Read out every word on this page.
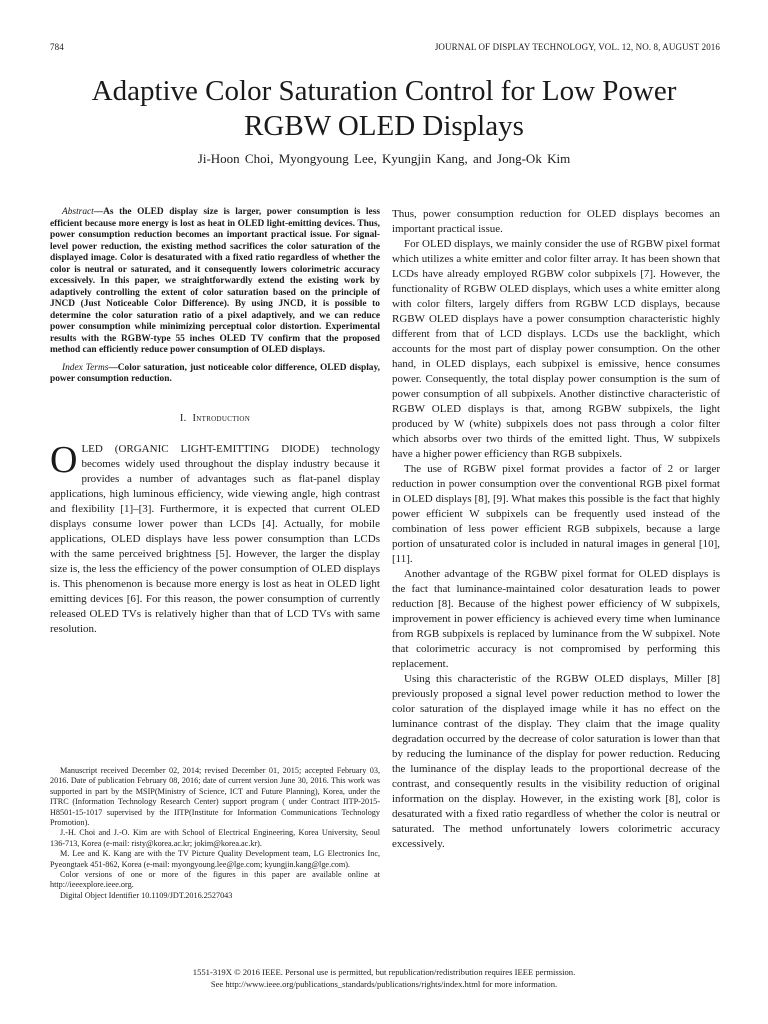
784	JOURNAL OF DISPLAY TECHNOLOGY, VOL. 12, NO. 8, AUGUST 2016
Adaptive Color Saturation Control for Low Power
RGBW OLED Displays
Ji-Hoon Choi, Myongyoung Lee, Kyungjin Kang, and Jong-Ok Kim

Abstract—As the OLED display size is larger, power consumption is less efficient because more energy is lost as heat in OLED light-emitting devices. Thus, power consumption reduction becomes an important practical issue. For signal-level power reduction, the existing method sacrifices the color saturation of the displayed image. Color is desaturated with a fixed ratio regardless of whether the color is neutral or saturated, and it consequently lowers colorimetric accuracy excessively. In this paper, we straightforwardly extend the existing work by adaptively controlling the extent of color saturation based on the principle of JNCD (Just Noticeable Color Difference). By using JNCD, it is possible to determine the color saturation ratio of a pixel adaptively, and we can reduce power consumption while minimizing perceptual color distortion. Experimental results with the RGBW-type 55 inches OLED TV confirm that the proposed method can efficiently reduce power consumption of OLED displays.

Index Terms—Color saturation, just noticeable color difference, OLED display, power consumption reduction.

I. Introduction

OLED (ORGANIC LIGHT-EMITTING DIODE) technology becomes widely used throughout the display industry because it provides a number of advantages such as flat-panel display applications, high luminous efficiency, wide viewing angle, high contrast and flexibility [1]–[3]. Furthermore, it is expected that current OLED displays consume lower power than LCDs [4]. Actually, for mobile applications, OLED displays have less power consumption than LCDs with the same perceived brightness [5]. However, the larger the display size is, the less the efficiency of the power consumption of OLED displays is. This phenomenon is because more energy is lost as heat in OLED light emitting devices [6]. For this reason, the power consumption of currently released OLED TVs is relatively higher than that of LCD TVs with same resolution.

Manuscript received December 02, 2014; revised December 01, 2015; accepted February 03, 2016. Date of publication February 08, 2016; date of current version June 30, 2016. This work was supported in part by the MSIP(Ministry of Science, ICT and Future Planning), Korea, under the ITRC (Information Technology Research Center) support program ( under Contract IITP-2015-H8501-15-1017 supervised by the IITP(Institute for Information Communications Technology Promotion).

J.-H. Choi and J.-O. Kim are with School of Electrical Engineering, Korea University, Seoul 136-713, Korea (e-mail: risty@korea.ac.kr; jokim@korea.ac.kr).

M. Lee and K. Kang are with the TV Picture Quality Development team, LG Electronics Inc, Pyeongtaek 451-862, Korea (e-mail: myongyoung.lee@lge.com; kyungjin.kang@lge.com).

Color versions of one or more of the figures in this paper are available online at http://ieeexplore.ieee.org.

Digital Object Identifier 10.1109/JDT.2016.2527043

Thus, power consumption reduction for OLED displays becomes an important practical issue.

For OLED displays, we mainly consider the use of RGBW pixel format which utilizes a white emitter and color filter array. It has been shown that LCDs have already employed RGBW color subpixels [7]. However, the functionality of RGBW OLED displays, which uses a white emitter along with color filters, largely differs from RGBW LCD displays, because RGBW OLED displays have a power consumption characteristic highly different from that of LCD displays. LCDs use the backlight, which accounts for the most part of display power consumption. On the other hand, in OLED displays, each subpixel is emissive, hence consumes power. Consequently, the total display power consumption is the sum of power consumption of all subpixels. Another distinctive characteristic of RGBW OLED displays is that, among RGBW subpixels, the light produced by W (white) subpixels does not pass through a color filter which absorbs over two thirds of the emitted light. Thus, W subpixels have a higher power efficiency than RGB subpixels.

The use of RGBW pixel format provides a factor of 2 or larger reduction in power consumption over the conventional RGB pixel format in OLED displays [8], [9]. What makes this possible is the fact that highly power efficient W subpixels can be frequently used instead of the combination of less power efficient RGB subpixels, because a large portion of unsaturated color is included in natural images in general [10], [11].

Another advantage of the RGBW pixel format for OLED displays is the fact that luminance-maintained color desaturation leads to power reduction [8]. Because of the highest power efficiency of W subpixels, improvement in power efficiency is achieved every time when luminance from RGB subpixels is replaced by luminance from the W subpixel. Note that colorimetric accuracy is not compromised by performing this replacement.

Using this characteristic of the RGBW OLED displays, Miller [8] previously proposed a signal level power reduction method to lower the color saturation of the displayed image while it has no effect on the luminance contrast of the display. They claim that the image quality degradation occurred by the decrease of color saturation is lower than that by reducing the luminance of the display for power reduction. Reducing the luminance of the display leads to the proportional decrease of the contrast, and consequently results in the visibility reduction of original information on the display. However, in the existing work [8], color is desaturated with a fixed ratio regardless of whether the color is neutral or saturated. The method unfortunately lowers colorimetric accuracy excessively.

1551-319X © 2016 IEEE. Personal use is permitted, but republication/redistribution requires IEEE permission.
See http://www.ieee.org/publications_standards/publications/rights/index.html for more information.
